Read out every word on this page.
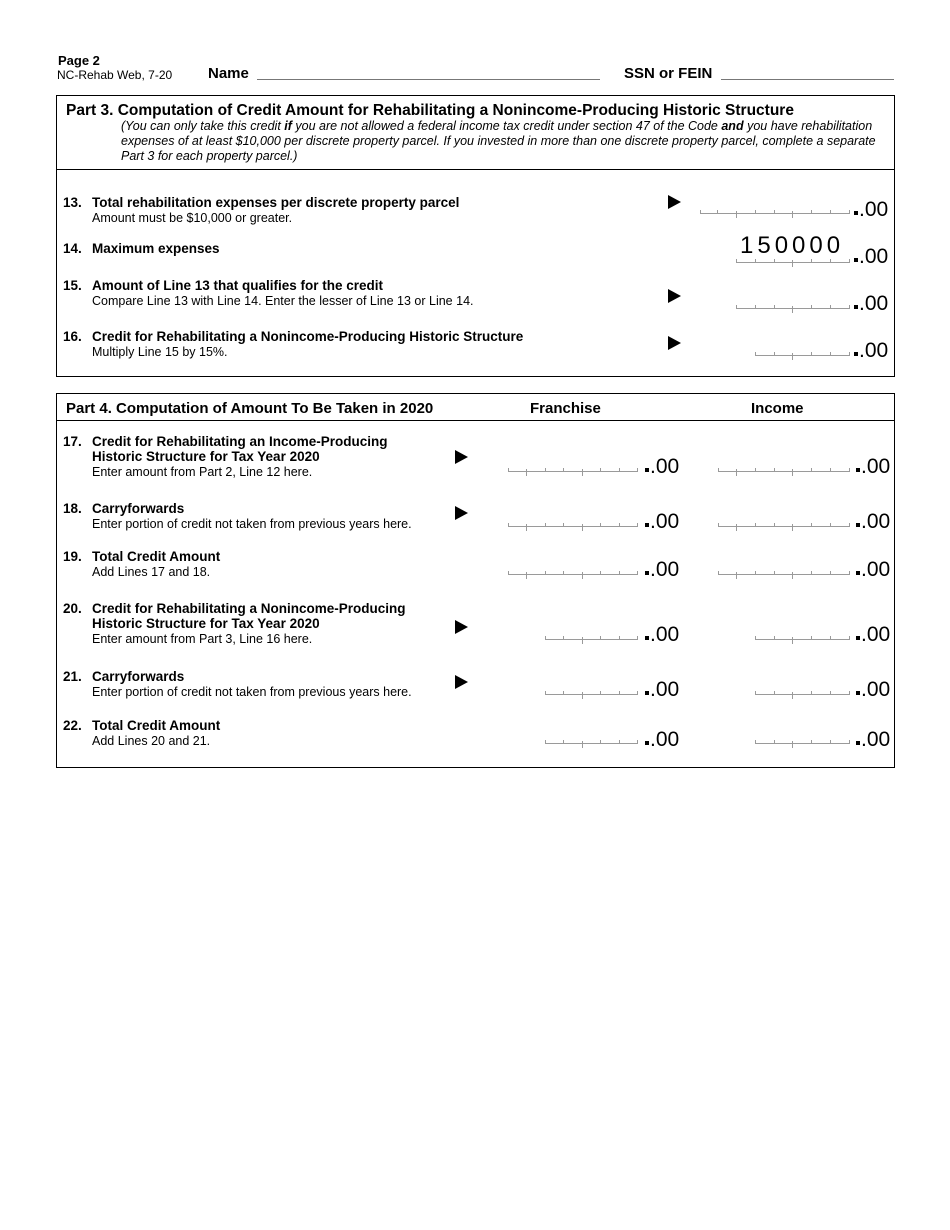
Page 2
NC-Rehab Web, 7-20 Name	SSN or FEIN
Part 3. Computation of Credit Amount for Rehabilitating a Nonincome-Producing Historic Structure
(You can only take this credit if you are not allowed a federal income tax credit under section 47 of the Code and you have rehabilitation
expenses of at least $10,000 per discrete property parcel. If you invested in more than one discrete property parcel, complete a separate
Part 3 for each property parcel.)
13. Total rehabilitation expenses per discrete property parcel
Amount must be $10,000 or greater.	.00
14. Maximum expenses	150000 .00
15. Amount of Line 13 that qualifies for the credit
Compare Line 13 with Line 14. Enter the lesser of Line 13 or Line 14.	.00
16. Credit for Rehabilitating a Nonincome-Producing Historic Structure
Multiply Line 15 by 15%.	.00
Part 4. Computation of Amount To Be Taken in 2020	Franchise	Income
17. Credit for Rehabilitating an Income-Producing
Historic Structure for Tax Year 2020
Enter amount from Part 2, Line 12 here.	.00	.00
18. Carryforwards
Enter portion of credit not taken from previous years here.	.00	.00
19. Total Credit Amount
Add Lines 17 and 18.	.00	.00
20. Credit for Rehabilitating a Nonincome-Producing
Historic Structure for Tax Year 2020
Enter amount from Part 3, Line 16 here.	.00	.00
21. Carryforwards
Enter portion of credit not taken from previous years here.	.00	.00
22. Total Credit Amount
Add Lines 20 and 21.	.00	.00
